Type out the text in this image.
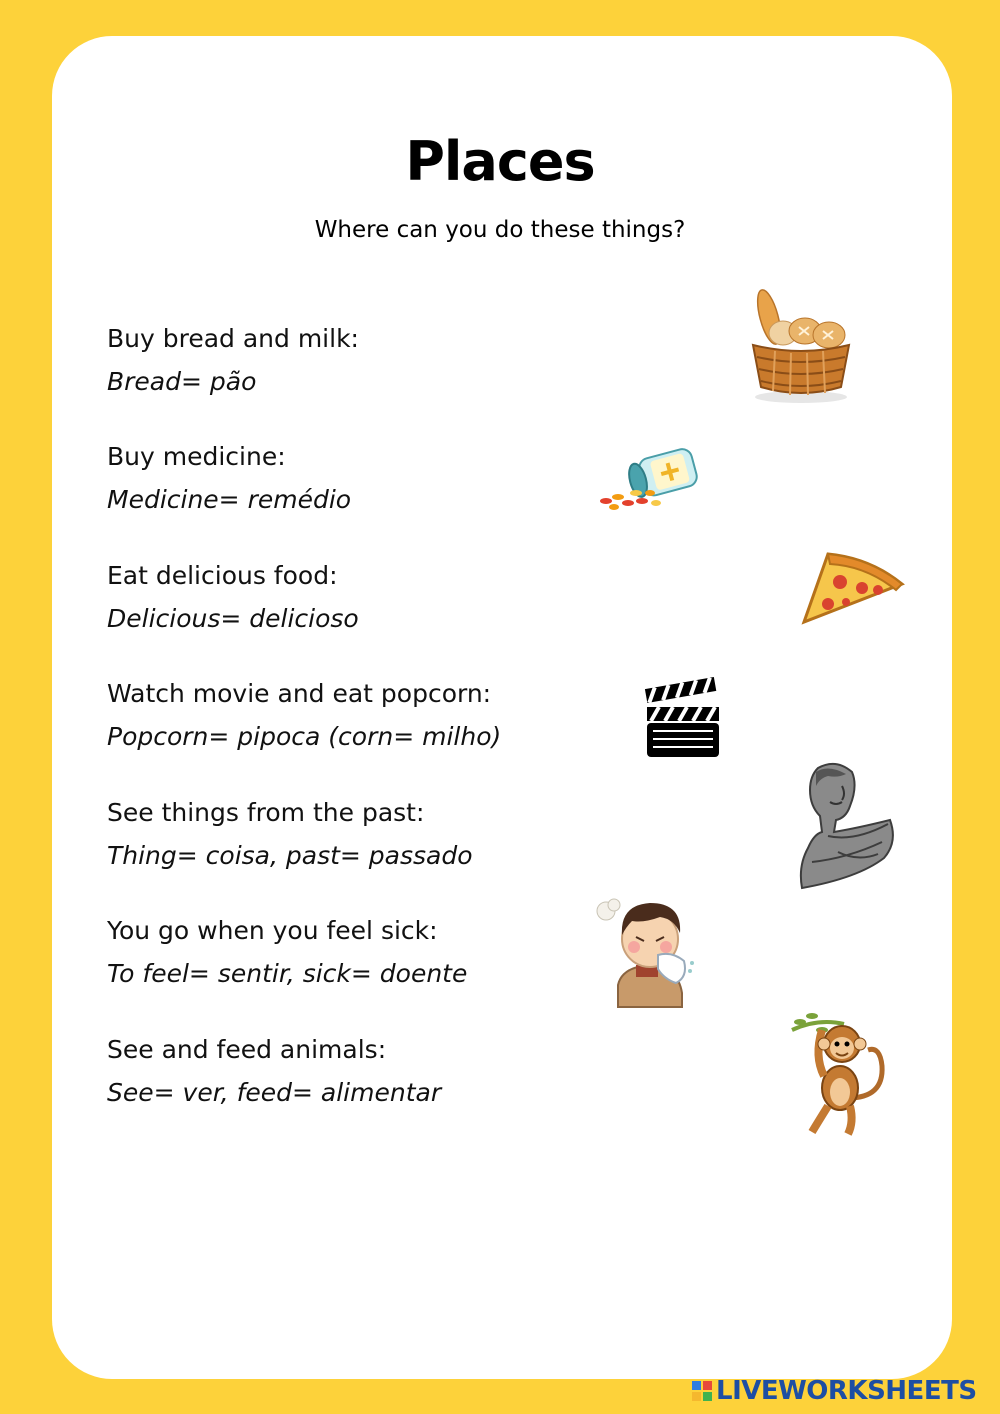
Places
Where can you do these things?
Buy bread and milk:
Bread= pão
Buy medicine:
Medicine= remédio
Eat delicious food:
Delicious= delicioso
Watch movie and eat popcorn:
Popcorn= pipoca (corn= milho)
See things from the past:
Thing= coisa, past= passado
You go when you feel sick:
To feel= sentir, sick= doente
See and feed animals:
See= ver, feed= alimentar
LIVEWORKSHEETS
